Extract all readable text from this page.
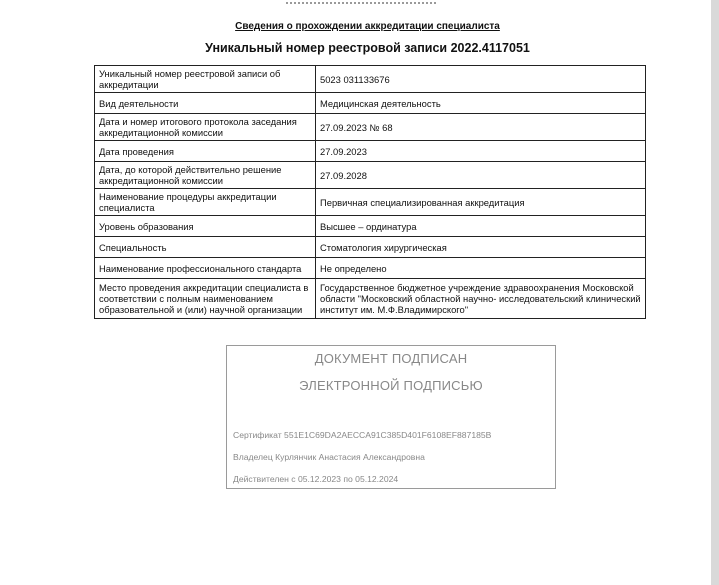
Сведения о прохождении аккредитации специалиста
Уникальный номер реестровой записи 2022.4117051
Уникальный номер реестровой записи об аккредитации	5023 031133676
Вид деятельности	Медицинская деятельность
Дата и номер итогового протокола заседания аккредитационной комиссии	27.09.2023 № 68
Дата проведения	27.09.2023
Дата, до которой действительно решение аккредитационной комиссии	27.09.2028
Наименование процедуры аккредитации специалиста	Первичная специализированная аккредитация
Уровень образования	Высшее – ординатура
Специальность	Стоматология хирургическая
Наименование профессионального стандарта	Не определено
Место проведения аккредитации специалиста в соответствии с полным наименованием образовательной и (или) научной организации	Государственное бюджетное учреждение здравоохранения Московской области "Московский областной научно- исследовательский клинический институт им. М.Ф.Владимирского"
ДОКУМЕНТ ПОДПИСАН
ЭЛЕКТРОННОЙ ПОДПИСЬЮ
Сертификат 551E1C69DA2AECCA91C385D401F6108EF887185B
Владелец Курлянчик Анастасия Александровна
Действителен с 05.12.2023 по 05.12.2024
